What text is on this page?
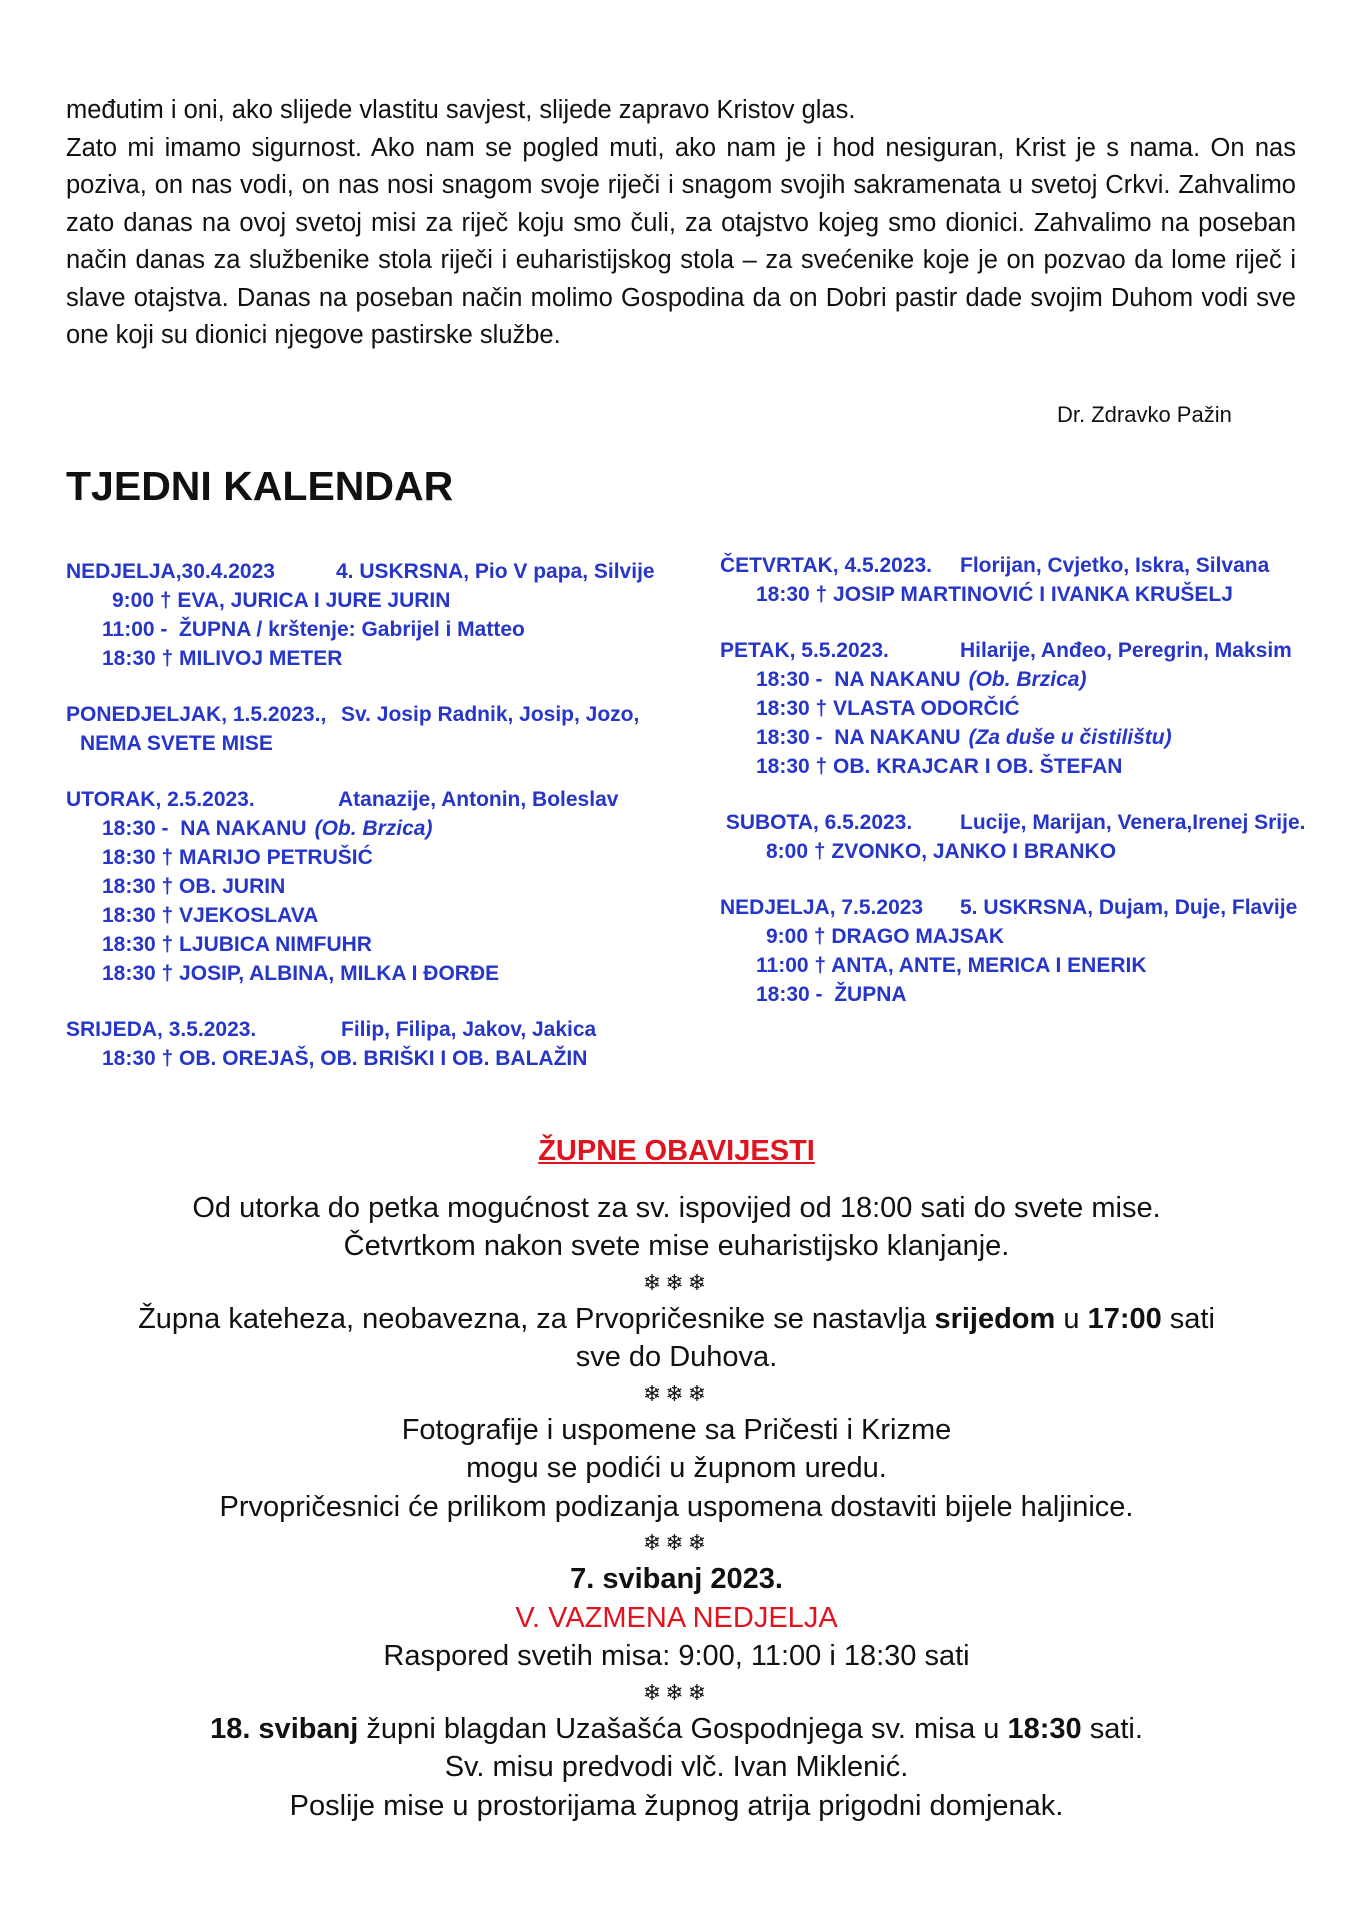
međutim i oni, ako slijede vlastitu savjest, slijede zapravo Kristov glas.

Zato mi imamo sigurnost. Ako nam se pogled muti, ako nam je i hod nesiguran, Krist je s nama. On nas poziva, on nas vodi, on nas nosi snagom svoje riječi i snagom svojih sakramenata u svetoj Crkvi. Zahvalimo zato danas na ovoj svetoj misi za riječ koju smo čuli, za otajstvo kojeg smo dionici. Zahvalimo na poseban način danas za službenike stola riječi i euharistijskog stola – za svećenike koje je on pozvao da lome riječ i slave otajstva. Danas na poseban način molimo Gospodina da on Dobri pastir dade svojim Duhom vodi sve one koji su dionici njegove pastirske službe.

Dr. Zdravko Pažin
TJEDNI KALENDAR
NEDJELJA,30.4.2023	4. USKRSNA, Pio V papa, Silvije
9:00 † EVA, JURICA I JURE JURIN
11:00 -  ŽUPNA / krštenje: Gabrijel i Matteo
18:30 † MILIVOJ METER
PONEDJELJAK, 1.5.2023., Sv. Josip Radnik, Josip, Jozo,
NEMA SVETE MISE
UTORAK, 2.5.2023.	Atanazije, Antonin, Boleslav
18:30 -  NA NAKANU (Ob. Brzica)
18:30 † MARIJO PETRUŠIĆ
18:30 † OB. JURIN
18:30 † VJEKOSLAVA
18:30 † LJUBICA NIMFUHR
18:30 † JOSIP, ALBINA, MILKA I ĐORĐE
SRIJEDA, 3.5.2023.	Filip, Filipa, Jakov, Jakica
18:30 † OB. OREJAŠ, OB. BRIŠKI I OB. BALAŽIN
ČETVRTAK, 4.5.2023. Florijan, Cvjetko, Iskra, Silvana
18:30 † JOSIP MARTINOVIĆ I IVANKA KRUŠELJ
PETAK, 5.5.2023.	Hilarije, Anđeo, Peregrin, Maksim
18:30 -  NA NAKANU (Ob. Brzica)
18:30 † VLASTA ODORČIĆ
18:30 -  NA NAKANU (Za duše u čistilištu)
18:30 † OB. KRAJCAR I OB. ŠTEFAN
SUBOTA, 6.5.2023. Lucije, Marijan, Venera,Irenej Srije.
8:00 † ZVONKO, JANKO I BRANKO
NEDJELJA, 7.5.2023 5. USKRSNA, Dujam, Duje, Flavije
9:00 † DRAGO MAJSAK
11:00 † ANTA, ANTE, MERICA I ENERIK
18:30 -  ŽUPNA
ŽUPNE OBAVIJESTI
Od utorka do petka mogućnost za sv. ispovijed od 18:00 sati do svete mise.
Četvrtkom nakon svete mise euharistijsko klanjanje.
❄❄❄
Župna kateheza, neobavezna, za Prvopričesnike se nastavlja srijedom u 17:00 sati
sve do Duhova.
❄❄❄
Fotografije i uspomene sa Pričesti i Krizme
mogu se podići u župnom uredu.
Prvopričesnici će prilikom podizanja uspomena dostaviti bijele haljinice.
❄❄❄
7. svibanj 2023.
V. VAZMENA NEDJELJA
Raspored svetih misa: 9:00, 11:00 i 18:30 sati
❄❄❄
18. svibanj župni blagdan Uzašašća Gospodnjega sv. misa u 18:30 sati.
Sv. misu predvodi vlč. Ivan Miklenić.
Poslije mise u prostorijama župnog atrija prigodni domjenak.
